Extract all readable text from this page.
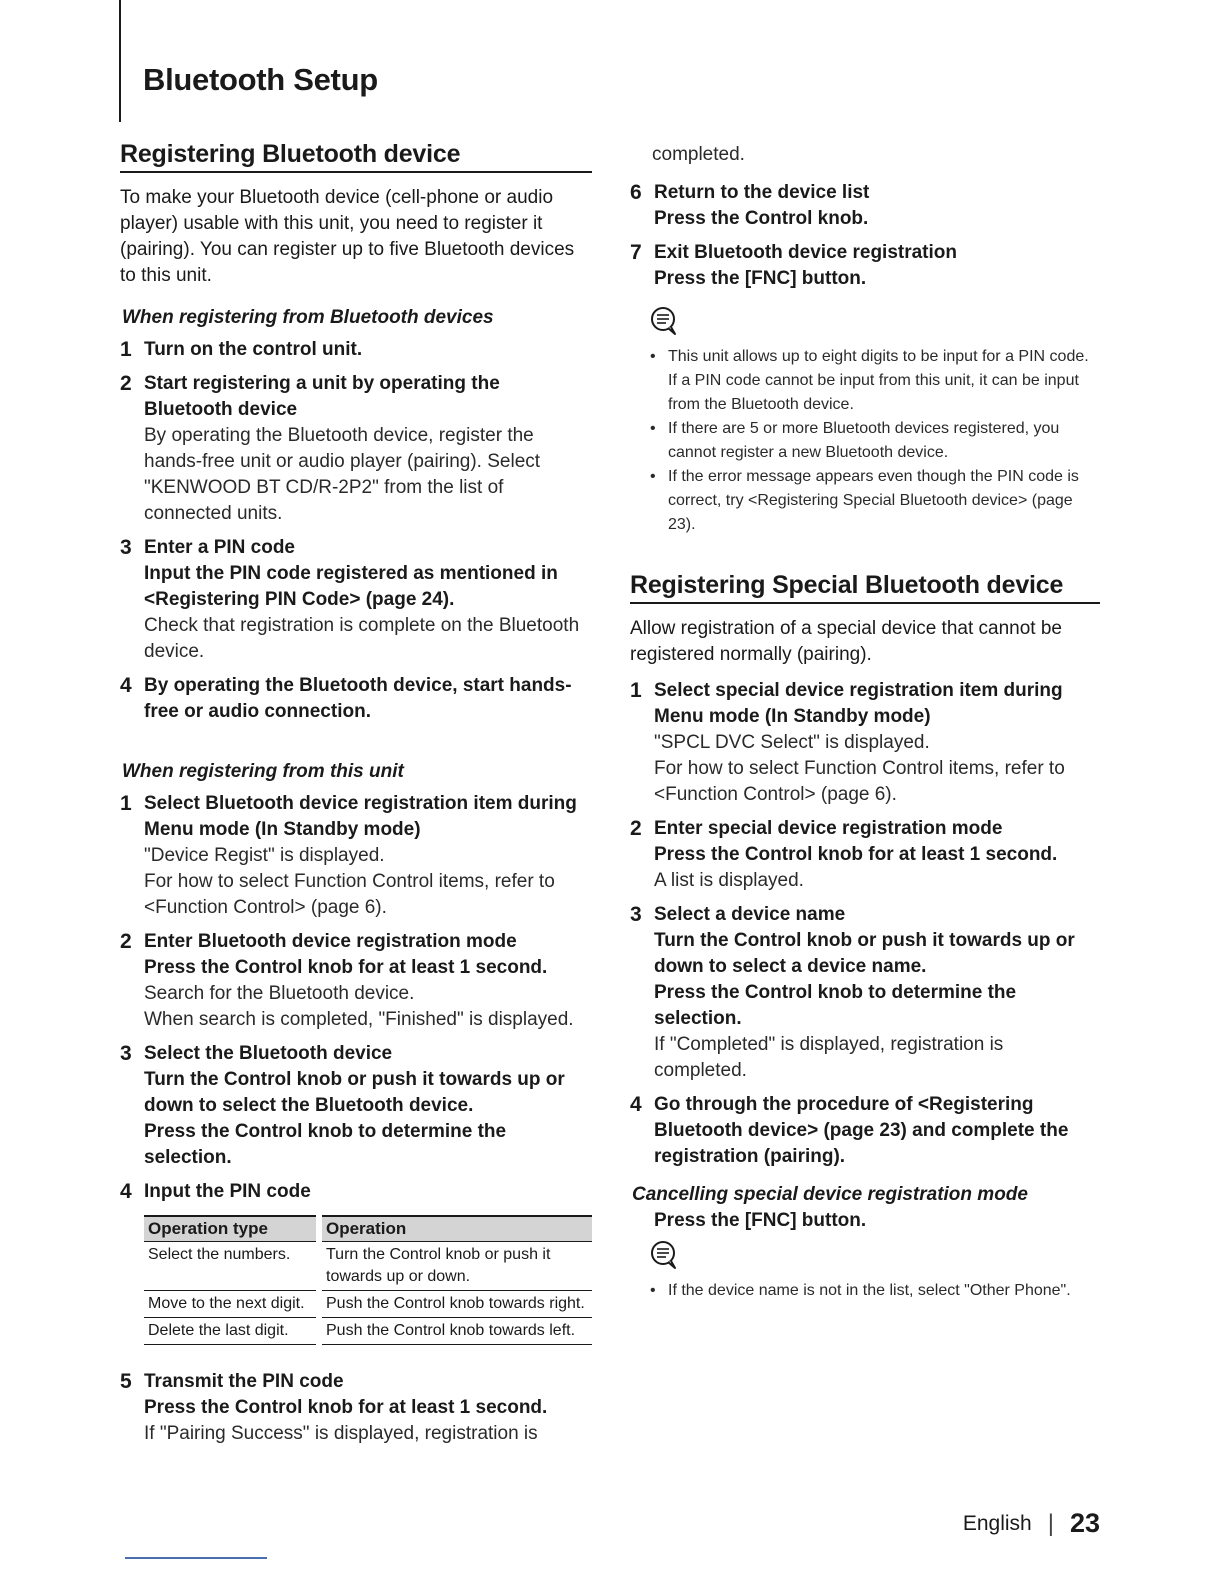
Bluetooth Setup
Registering Bluetooth device

To make your Bluetooth device (cell-phone or audio player) usable with this unit, you need to register it (pairing). You can register up to five Bluetooth devices to this unit.

When registering from Bluetooth devices
1 Turn on the control unit.
2 Start registering a unit by operating the Bluetooth device
By operating the Bluetooth device, register the hands-free unit or audio player (pairing). Select "KENWOOD BT CD/R-2P2" from the list of connected units.
3 Enter a PIN code
Input the PIN code registered as mentioned in <Registering PIN Code> (page 24).
Check that registration is complete on the Bluetooth device.
4 By operating the Bluetooth device, start hands-free or audio connection.
When registering from this unit
1 Select Bluetooth device registration item during Menu mode (In Standby mode)
"Device Regist" is displayed.
For how to select Function Control items, refer to <Function Control> (page 6).
2 Enter Bluetooth device registration mode
Press the Control knob for at least 1 second.
Search for the Bluetooth device.
When search is completed, "Finished" is displayed.
3 Select the Bluetooth device
Turn the Control knob or push it towards up or down to select the Bluetooth device.
Press the Control knob to determine the selection.
4 Input the PIN code
Operation type	Operation
Select the numbers.	Turn the Control knob or push it towards up or down.
Move to the next digit.	Push the Control knob towards right.
Delete the last digit.	Push the Control knob towards left.
5 Transmit the PIN code
Press the Control knob for at least 1 second.
If "Pairing Success" is displayed, registration is
completed.
6 Return to the device list
Press the Control knob.
7 Exit Bluetooth device registration
Press the [FNC] button.
• This unit allows up to eight digits to be input for a PIN code. If a PIN code cannot be input from this unit, it can be input from the Bluetooth device.
• If there are 5 or more Bluetooth devices registered, you cannot register a new Bluetooth device.
• If the error message appears even though the PIN code is correct, try <Registering Special Bluetooth device> (page 23).
Registering Special Bluetooth device

Allow registration of a special device that cannot be registered normally (pairing).

1 Select special device registration item during Menu mode (In Standby mode)
"SPCL DVC Select" is displayed.
For how to select Function Control items, refer to <Function Control> (page 6).
2 Enter special device registration mode
Press the Control knob for at least 1 second.
A list is displayed.
3 Select a device name
Turn the Control knob or push it towards up or down to select a device name.
Press the Control knob to determine the selection.
If "Completed" is displayed, registration is completed.
4 Go through the procedure of <Registering Bluetooth device> (page 23) and complete the registration (pairing).
Cancelling special device registration mode
Press the [FNC] button.
• If the device name is not in the list, select "Other Phone".
English | 23
